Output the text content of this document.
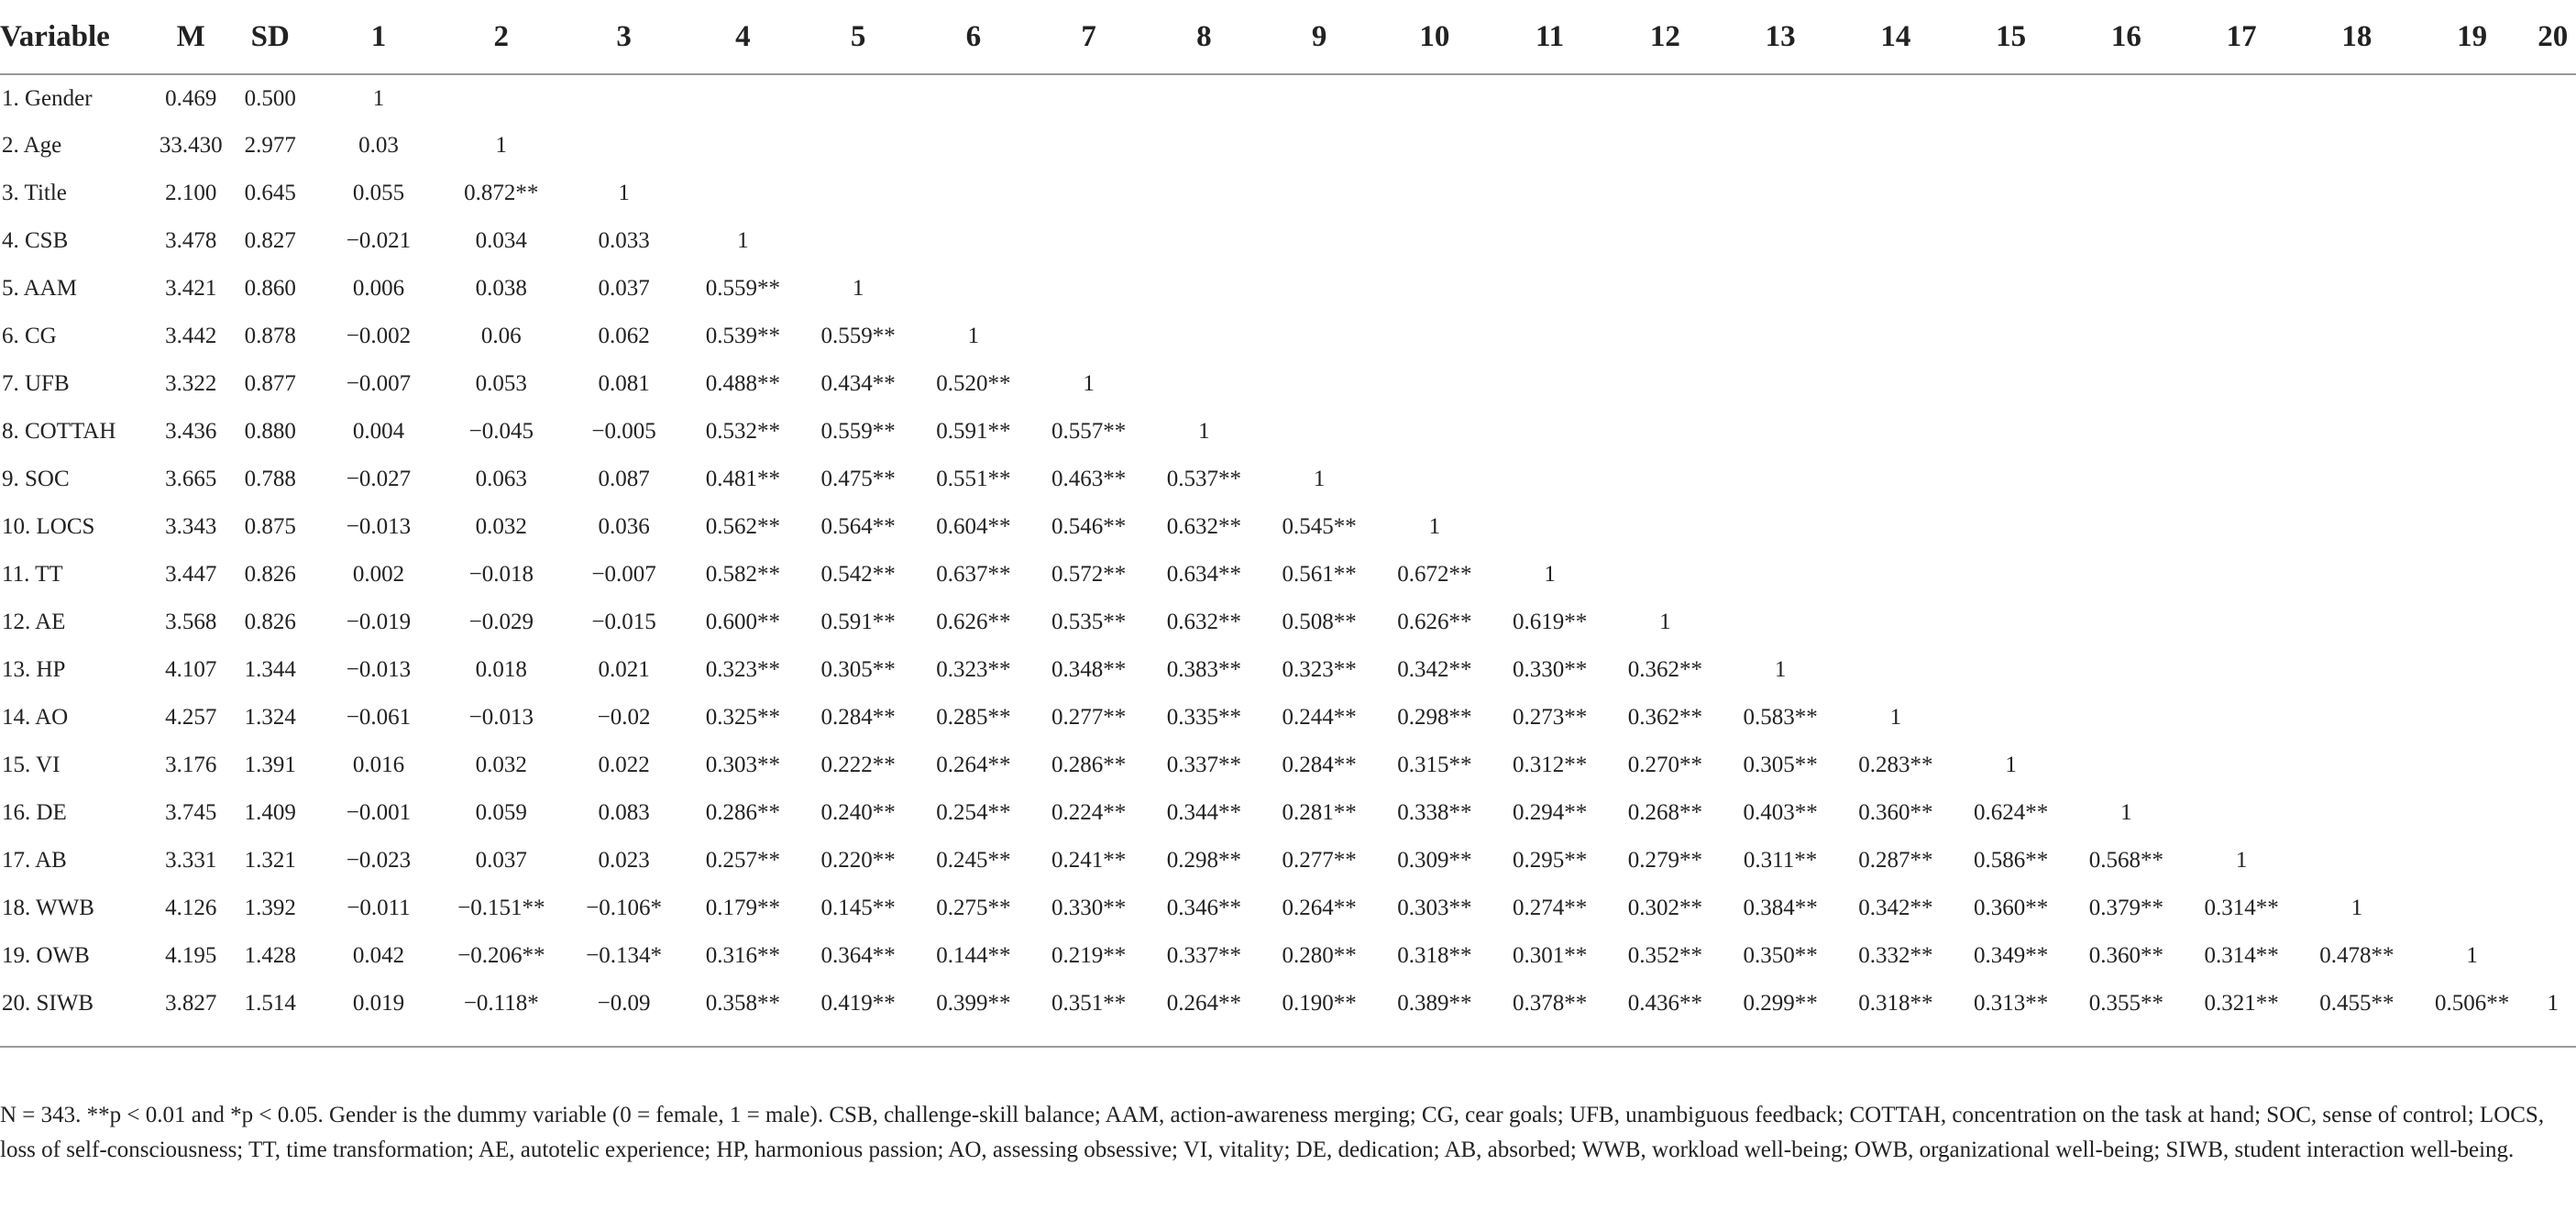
Variable	M	SD	1	2	3	4	5	6	7	8	9	10	11	12	13	14	15	16	17	18	19	20
1. Gender	0.469	0.500	1																			
2. Age	33.430	2.977	0.03	1																		
3. Title	2.100	0.645	0.055	0.872**	1																	
4. CSB	3.478	0.827	−0.021	0.034	0.033	1																
5. AAM	3.421	0.860	0.006	0.038	0.037	0.559**	1															
6. CG	3.442	0.878	−0.002	0.06	0.062	0.539**	0.559**	1														
7. UFB	3.322	0.877	−0.007	0.053	0.081	0.488**	0.434**	0.520**	1													
8. COTTAH	3.436	0.880	0.004	−0.045	−0.005	0.532**	0.559**	0.591**	0.557**	1												
9. SOC	3.665	0.788	−0.027	0.063	0.087	0.481**	0.475**	0.551**	0.463**	0.537**	1											
10. LOCS	3.343	0.875	−0.013	0.032	0.036	0.562**	0.564**	0.604**	0.546**	0.632**	0.545**	1										
11. TT	3.447	0.826	0.002	−0.018	−0.007	0.582**	0.542**	0.637**	0.572**	0.634**	0.561**	0.672**	1									
12. AE	3.568	0.826	−0.019	−0.029	−0.015	0.600**	0.591**	0.626**	0.535**	0.632**	0.508**	0.626**	0.619**	1								
13. HP	4.107	1.344	−0.013	0.018	0.021	0.323**	0.305**	0.323**	0.348**	0.383**	0.323**	0.342**	0.330**	0.362**	1							
14. AO	4.257	1.324	−0.061	−0.013	−0.02	0.325**	0.284**	0.285**	0.277**	0.335**	0.244**	0.298**	0.273**	0.362**	0.583**	1						
15. VI	3.176	1.391	0.016	0.032	0.022	0.303**	0.222**	0.264**	0.286**	0.337**	0.284**	0.315**	0.312**	0.270**	0.305**	0.283**	1					
16. DE	3.745	1.409	−0.001	0.059	0.083	0.286**	0.240**	0.254**	0.224**	0.344**	0.281**	0.338**	0.294**	0.268**	0.403**	0.360**	0.624**	1				
17. AB	3.331	1.321	−0.023	0.037	0.023	0.257**	0.220**	0.245**	0.241**	0.298**	0.277**	0.309**	0.295**	0.279**	0.311**	0.287**	0.586**	0.568**	1			
18. WWB	4.126	1.392	−0.011	−0.151**	−0.106*	0.179**	0.145**	0.275**	0.330**	0.346**	0.264**	0.303**	0.274**	0.302**	0.384**	0.342**	0.360**	0.379**	0.314**	1		
19. OWB	4.195	1.428	0.042	−0.206**	−0.134*	0.316**	0.364**	0.144**	0.219**	0.337**	0.280**	0.318**	0.301**	0.352**	0.350**	0.332**	0.349**	0.360**	0.314**	0.478**	1	
20. SIWB	3.827	1.514	0.019	−0.118*	−0.09	0.358**	0.419**	0.399**	0.351**	0.264**	0.190**	0.389**	0.378**	0.436**	0.299**	0.318**	0.313**	0.355**	0.321**	0.455**	0.506**	1
N = 343. **p < 0.01 and *p < 0.05. Gender is the dummy variable (0 = female, 1 = male). CSB, challenge-skill balance; AAM, action-awareness merging; CG, cear goals; UFB, unambiguous feedback; COTTAH, concentration on the task at hand; SOC, sense of control; LOCS, loss of self-consciousness; TT, time transformation; AE, autotelic experience; HP, harmonious passion; AO, assessing obsessive; VI, vitality; DE, dedication; AB, absorbed; WWB, workload well-being; OWB, organizational well-being; SIWB, student interaction well-being.
